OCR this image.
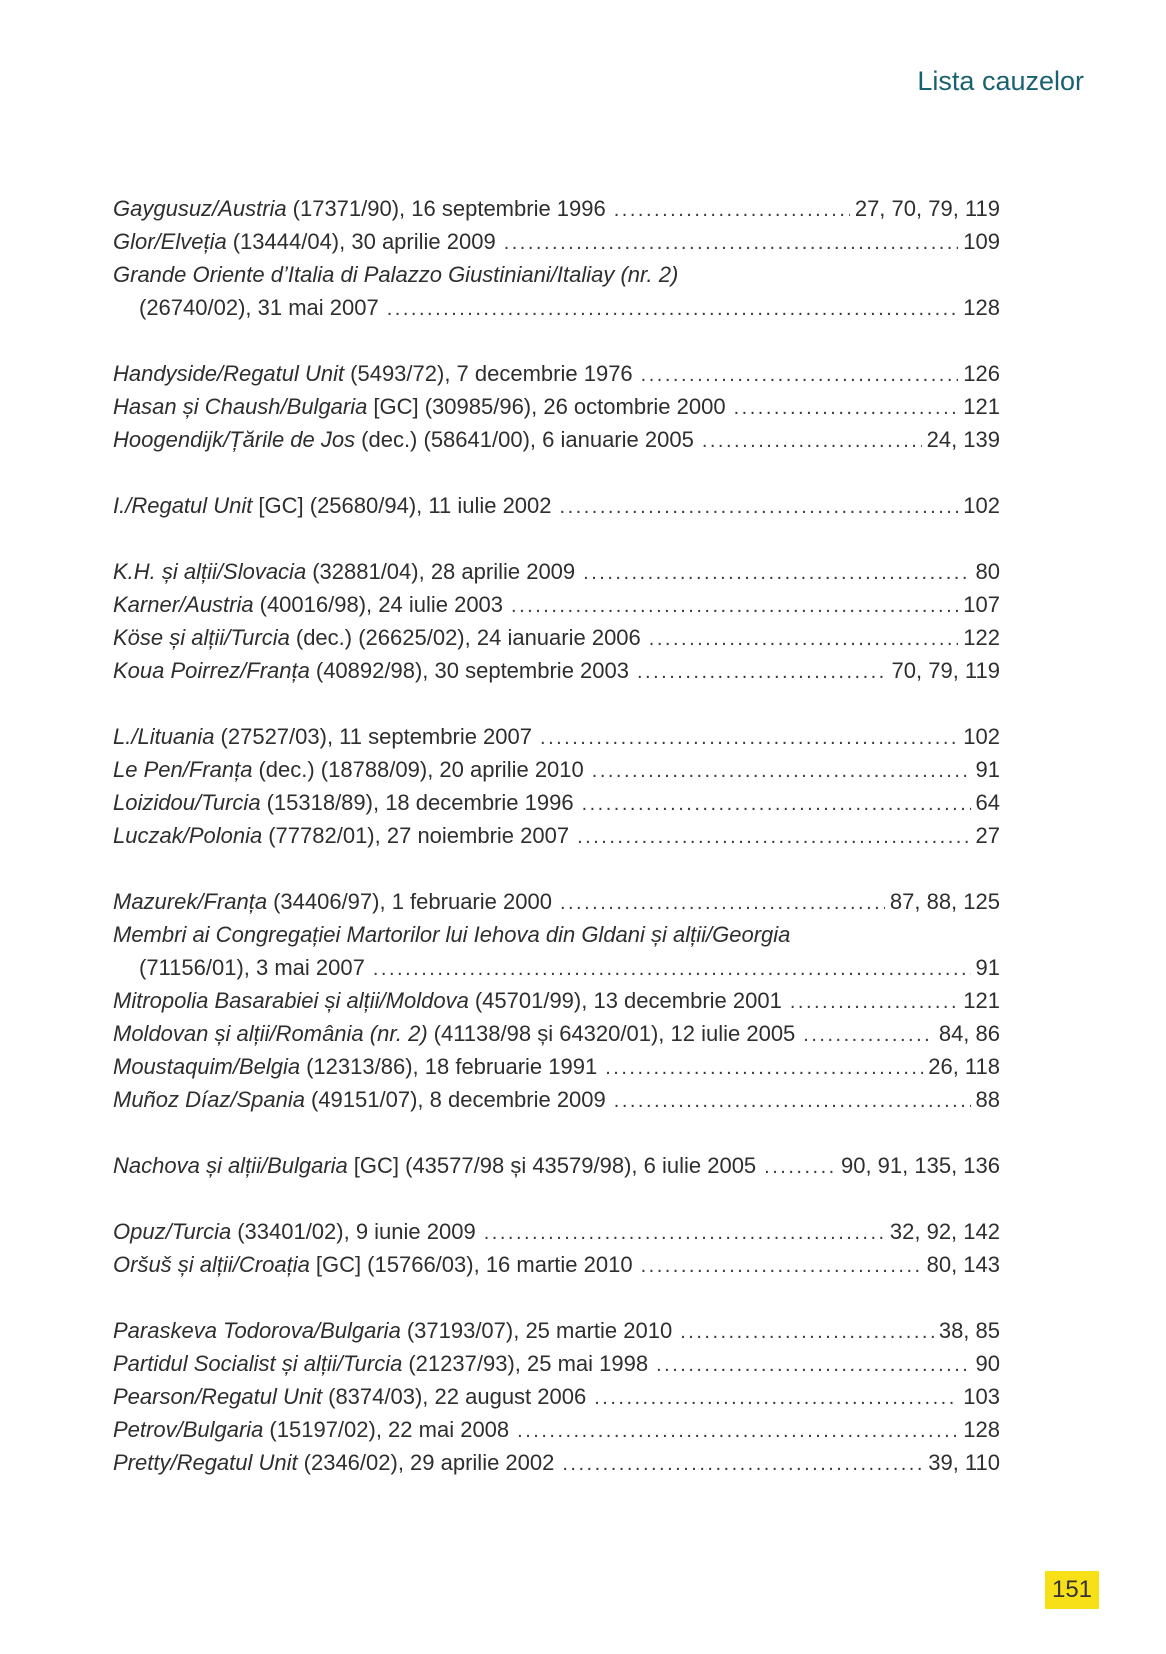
Lista cauzelor
Gaygusuz/Austria (17371/90), 16 septembrie 1996 .....	27, 70, 79, 119
Glor/Elveția (13444/04), 30 aprilie 2009 .....	109
Grande Oriente d’Italia di Palazzo Giustiniani/Italiay (nr. 2)
(26740/02), 31 mai 2007 .....	128
Handyside/Regatul Unit (5493/72), 7 decembrie 1976 .....	126
Hasan și Chaush/Bulgaria [GC] (30985/96), 26 octombrie 2000 .....	121
Hoogendijk/Țările de Jos (dec.) (58641/00), 6 ianuarie 2005 .....	24, 139
I./Regatul Unit [GC] (25680/94), 11 iulie 2002 .....	102
K.H. și alții/Slovacia (32881/04), 28 aprilie 2009 .....	80
Karner/Austria (40016/98), 24 iulie 2003 .....	107
Köse și alții/Turcia (dec.) (26625/02), 24 ianuarie 2006 .....	122
Koua Poirrez/Franța (40892/98), 30 septembrie 2003 .....	70, 79, 119
L./Lituania (27527/03), 11 septembrie 2007 .....	102
Le Pen/Franța (dec.) (18788/09), 20 aprilie 2010 .....	91
Loizidou/Turcia (15318/89), 18 decembrie 1996 .....	64
Luczak/Polonia (77782/01), 27 noiembrie 2007 .....	27
Mazurek/Franța (34406/97), 1 februarie 2000 .....	87, 88, 125
Membri ai Congregației Martorilor lui Iehova din Gldani și alții/Georgia
(71156/01), 3 mai 2007 .....	91
Mitropolia Basarabiei și alții/Moldova (45701/99), 13 decembrie 2001 .....	121
Moldovan și alții/România (nr. 2) (41138/98 și 64320/01), 12 iulie 2005 .....	84, 86
Moustaquim/Belgia (12313/86), 18 februarie 1991 .....	26, 118
Muñoz Díaz/Spania (49151/07), 8 decembrie 2009 .....	88
Nachova și alții/Bulgaria [GC] (43577/98 și 43579/98), 6 iulie 2005 .....	90, 91, 135, 136
Opuz/Turcia (33401/02), 9 iunie 2009 .....	32, 92, 142
Oršuš și alții/Croația [GC] (15766/03), 16 martie 2010 .....	80, 143
Paraskeva Todorova/Bulgaria (37193/07), 25 martie 2010 .....	38, 85
Partidul Socialist și alții/Turcia (21237/93), 25 mai 1998 .....	90
Pearson/Regatul Unit (8374/03), 22 august 2006 .....	103
Petrov/Bulgaria (15197/02), 22 mai 2008 .....	128
Pretty/Regatul Unit (2346/02), 29 aprilie 2002 .....	39, 110
151
